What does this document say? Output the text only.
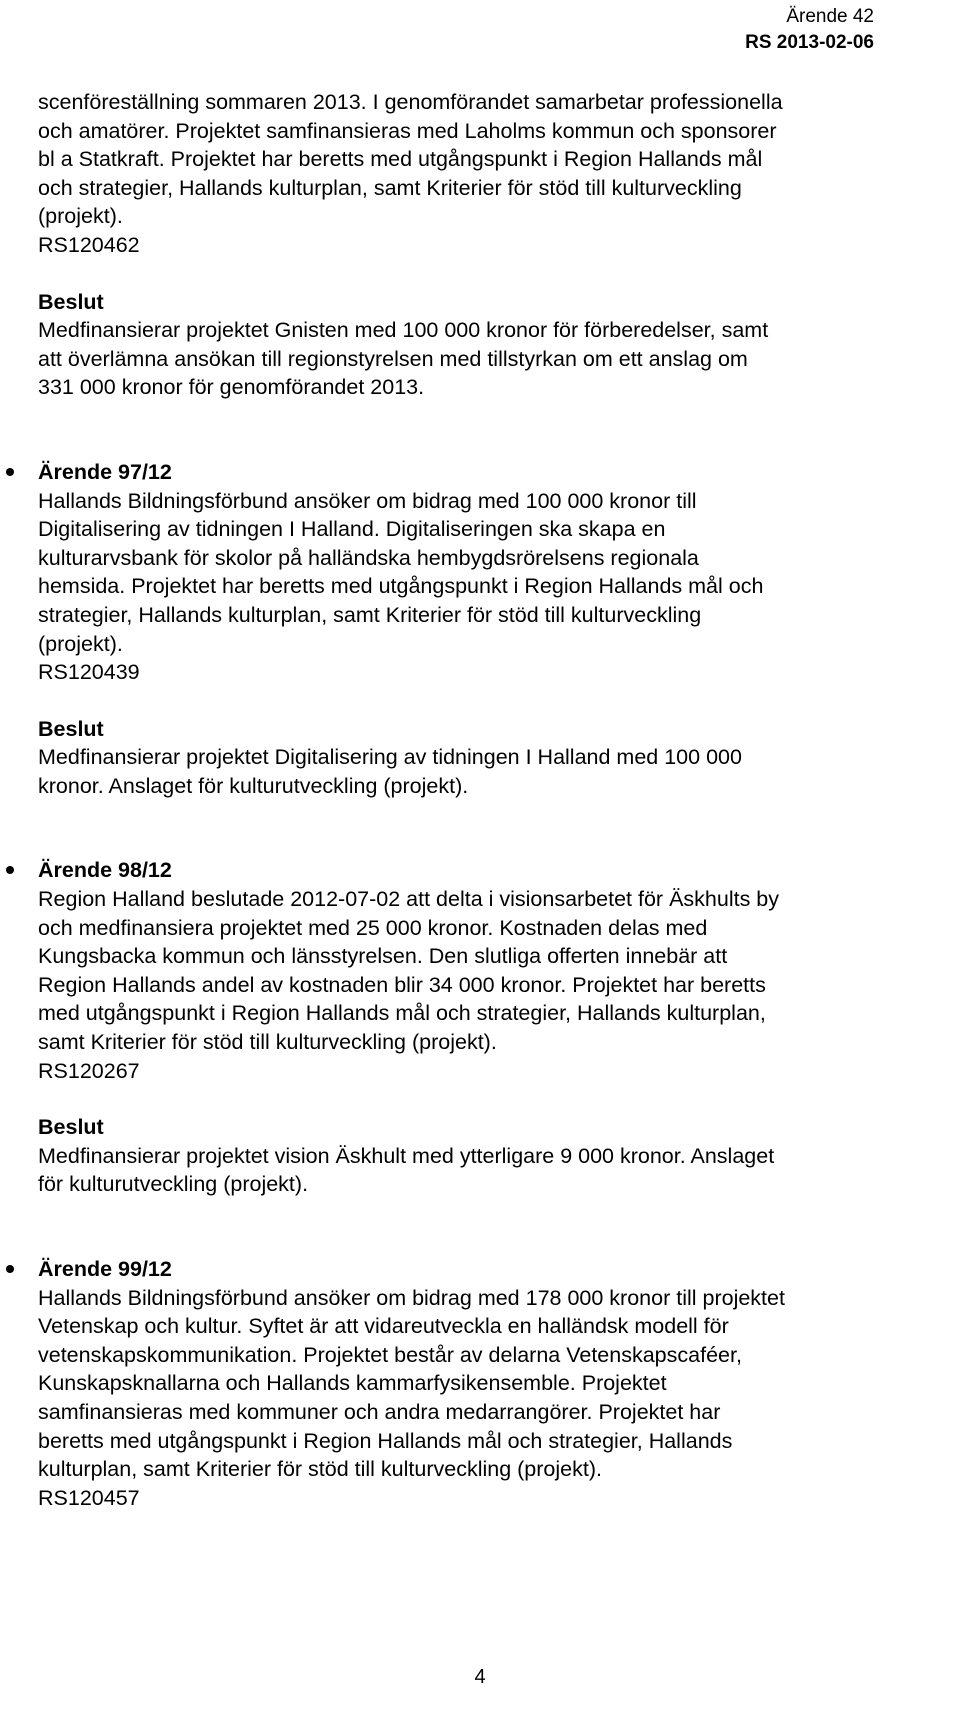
Ärende 42
RS 2013-02-06
scenföreställning sommaren 2013. I genomförandet samarbetar professionella
och amatörer. Projektet samfinansieras med Laholms kommun och sponsorer
bl a Statkraft. Projektet har beretts med utgångspunkt i Region Hallands mål
och strategier, Hallands kulturplan, samt Kriterier för stöd till kulturveckling
(projekt).
RS120462
Beslut
Medfinansierar projektet Gnisten med 100 000 kronor för förberedelser, samt
att överlämna ansökan till regionstyrelsen med tillstyrkan om ett anslag om
331 000 kronor för genomförandet 2013.
Ärende 97/12
Hallands Bildningsförbund ansöker om bidrag med 100 000 kronor till
Digitalisering av tidningen I Halland. Digitaliseringen ska skapa en
kulturarvsbank för skolor på halländska hembygdsrörelsens regionala
hemsida. Projektet har beretts med utgångspunkt i Region Hallands mål och
strategier, Hallands kulturplan, samt Kriterier för stöd till kulturveckling
(projekt).
RS120439
Beslut
Medfinansierar projektet Digitalisering av tidningen I Halland med 100 000
kronor. Anslaget för kulturutveckling (projekt).
Ärende 98/12
Region Halland beslutade 2012-07-02 att delta i visionsarbetet för Äskhults by
och medfinansiera projektet med 25 000 kronor. Kostnaden delas med
Kungsbacka kommun och länsstyrelsen. Den slutliga offerten innebär att
Region Hallands andel av kostnaden blir 34 000 kronor. Projektet har beretts
med utgångspunkt i Region Hallands mål och strategier, Hallands kulturplan,
samt Kriterier för stöd till kulturveckling (projekt).
RS120267
Beslut
Medfinansierar projektet vision Äskhult med ytterligare 9 000 kronor. Anslaget
för kulturutveckling (projekt).
Ärende 99/12
Hallands Bildningsförbund ansöker om bidrag med 178 000 kronor till projektet
Vetenskap och kultur. Syftet är att vidareutveckla en halländsk modell för
vetenskapskommunikation. Projektet består av delarna Vetenskapscaféer,
Kunskapsknallarna och Hallands kammarfysikensemble. Projektet
samfinansieras med kommuner och andra medarrangörer. Projektet har
beretts med utgångspunkt i Region Hallands mål och strategier, Hallands
kulturplan, samt Kriterier för stöd till kulturveckling (projekt).
RS120457
4
